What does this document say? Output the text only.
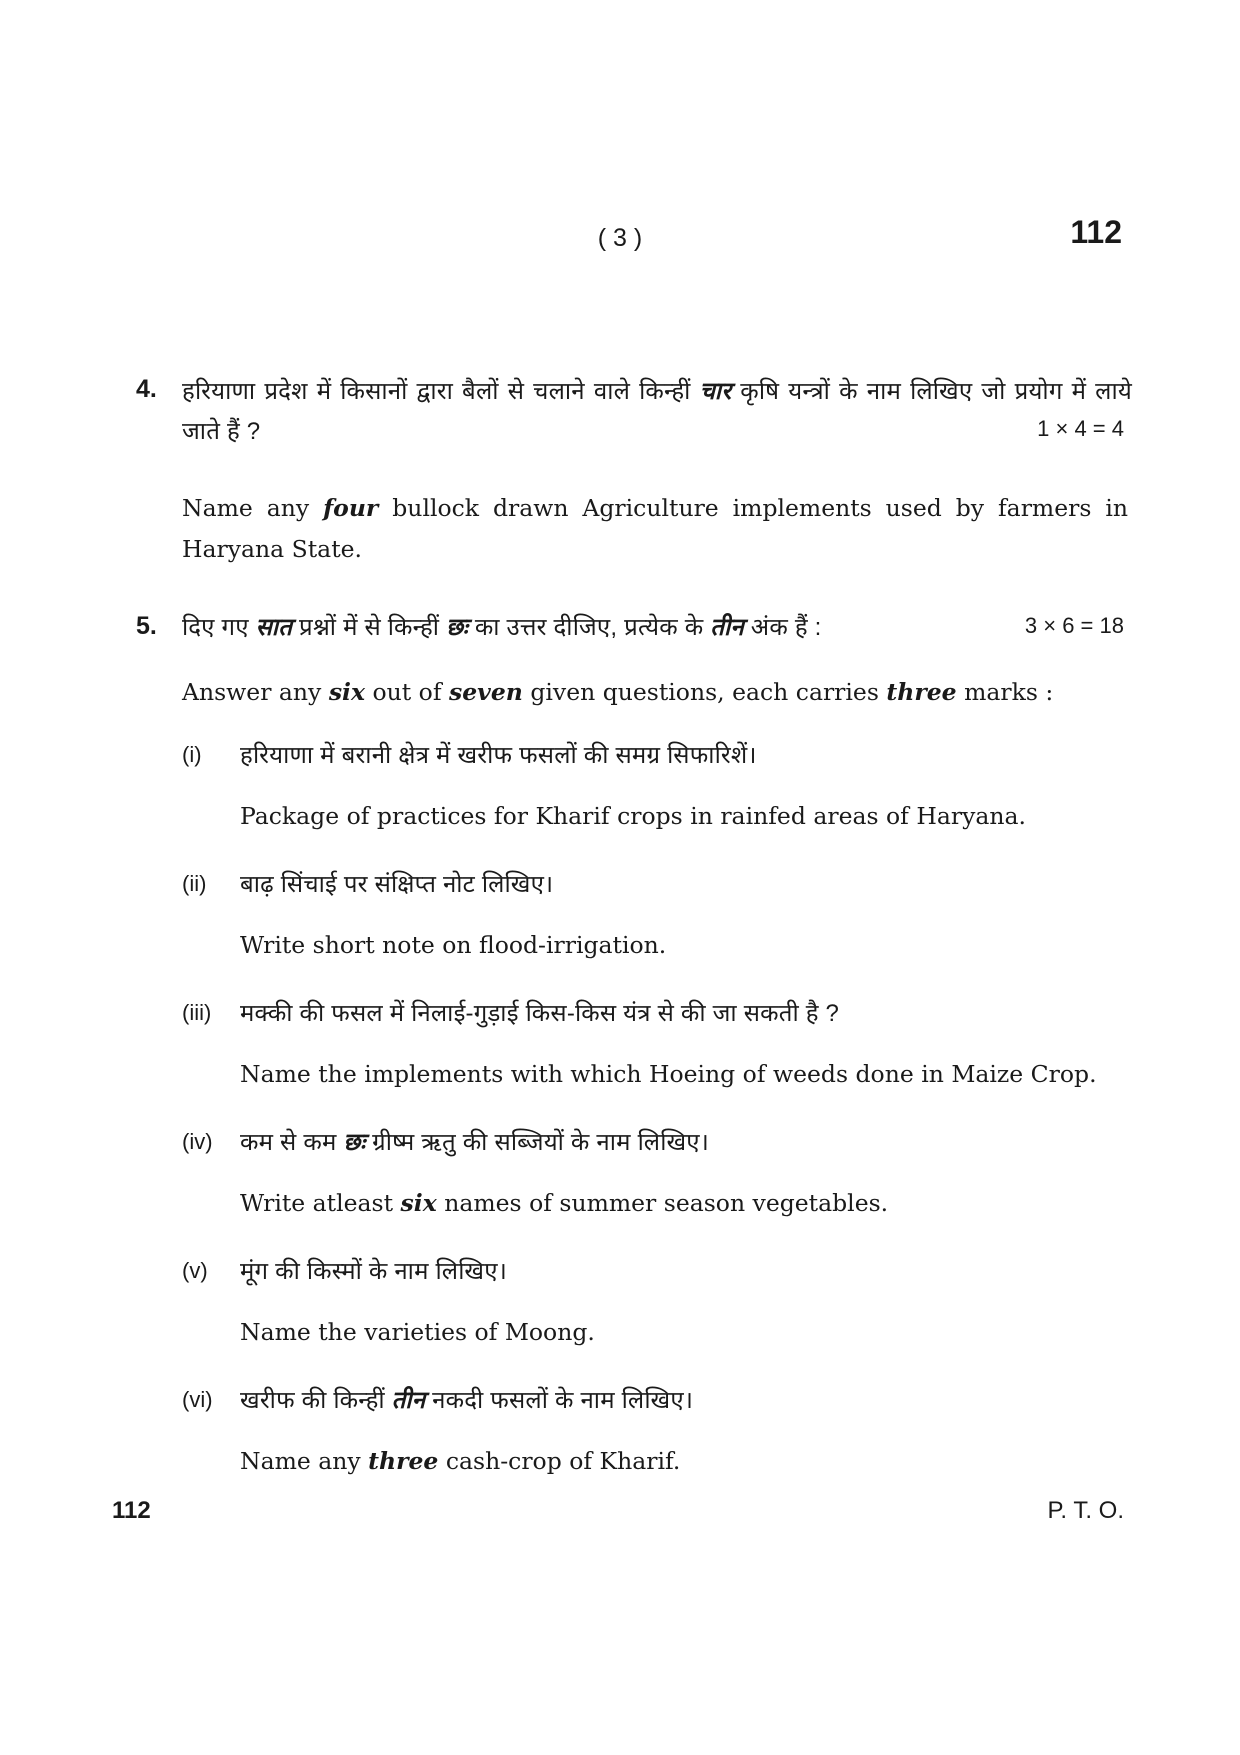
( 3 )	112
4. हरियाणा प्रदेश में किसानों द्वारा बैलों से चलाने वाले किन्हीं चार कृषि यन्त्रों के नाम लिखिए जो प्रयोग में लाये जाते हैं ?	1 × 4 = 4
Name any four bullock drawn Agriculture implements used by farmers in Haryana State.
5. दिए गए सात प्रश्नों में से किन्हीं छः का उत्तर दीजिए, प्रत्येक के तीन अंक हैं :	3 × 6 = 18
Answer any six out of seven given questions, each carries three marks :
(i) हरियाणा में बरानी क्षेत्र में खरीफ फसलों की समग्र सिफारिशें।
Package of practices for Kharif crops in rainfed areas of Haryana.
(ii) बाढ़ सिंचाई पर संक्षिप्त नोट लिखिए।
Write short note on flood-irrigation.
(iii) मक्की की फसल में निलाई-गुड़ाई किस-किस यंत्र से की जा सकती है ?
Name the implements with which Hoeing of weeds done in Maize Crop.
(iv) कम से कम छः ग्रीष्म ऋतु की सब्जियों के नाम लिखिए।
Write atleast six names of summer season vegetables.
(v) मूंग की किस्मों के नाम लिखिए।
Name the varieties of Moong.
(vi) खरीफ की किन्हीं तीन नकदी फसलों के नाम लिखिए।
Name any three cash-crop of Kharif.
112	P. T. O.
